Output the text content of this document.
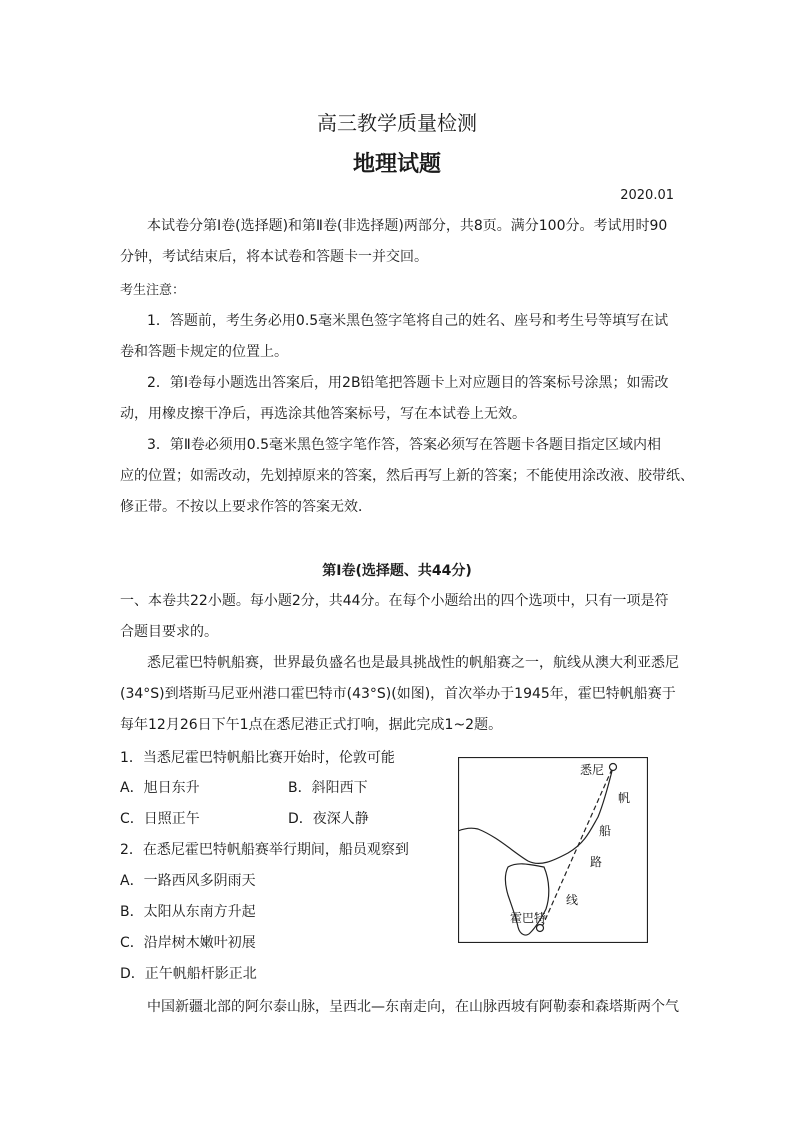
高三教学质量检测
地理试题
2020.01
本试卷分第Ⅰ卷(选择题)和第Ⅱ卷(非选择题)两部分，共8页。满分100分。考试用时90
分钟，考试结束后，将本试卷和答题卡一并交回。
考生注意：
1．答题前，考生务必用0.5毫米黑色签字笔将自己的姓名、座号和考生号等填写在试
卷和答题卡规定的位置上。
2．第Ⅰ卷每小题选出答案后，用2B铅笔把答题卡上对应题目的答案标号涂黑；如需改
动，用橡皮擦干净后，再选涂其他答案标号，写在本试卷上无效。
3．第Ⅱ卷必须用0.5毫米黑色签字笔作答，答案必须写在答题卡各题目指定区域内相
应的位置；如需改动，先划掉原来的答案，然后再写上新的答案；不能使用涂改液、胶带纸、
修正带。不按以上要求作答的答案无效．
第Ⅰ卷(选择题、共44分)
一、本卷共22小题。每小题2分，共44分。在每个小题给出的四个选项中，只有一项是符
合题目要求的。
悉尼霍巴特帆船赛，世界最负盛名也是最具挑战性的帆船赛之一，航线从澳大利亚悉尼
(34°S)到塔斯马尼亚州港口霍巴特市(43°S)(如图)，首次举办于1945年，霍巴特帆船赛于
每年12月26日下午1点在悉尼港正式打响，据此完成1~2题。
1．当悉尼霍巴特帆船比赛开始时，伦敦可能
A．旭日东升	B．斜阳西下
C．日照正午	D．夜深人静
2．在悉尼霍巴特帆船赛举行期间，船员观察到
A．一路西风多阴雨天
B．太阳从东南方升起
C．沿岸树木嫩叶初展
D．正午帆船杆影正北
中国新疆北部的阿尔泰山脉，呈西北—东南走向，在山脉西坡有阿勒泰和森塔斯两个气
悉尼
霍巴特
帆
船
路
线
